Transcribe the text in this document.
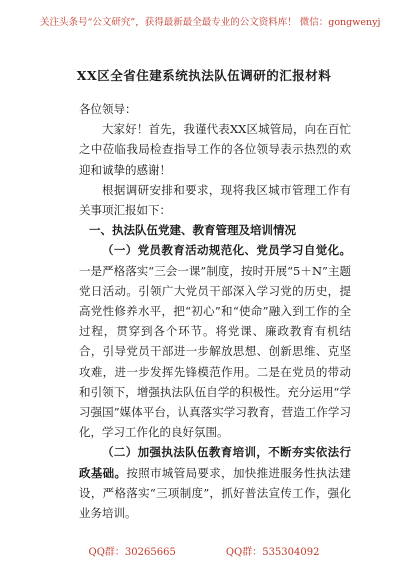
关注头条号“公文研究”，获得最新最全最专业的公文资料库！ 微信：gongwenyj
XX区全省住建系统执法队伍调研的汇报材料

各位领导：

大家好！首先，我谨代表XX区城管局，向在百忙之中莅临我局检查指导工作的各位领导表示热烈的欢迎和诚挚的感谢！

根据调研安排和要求，现将我区城市管理工作有关事项汇报如下：

一、执法队伍党建、教育管理及培训情况

（一）党员教育活动规范化、党员学习自觉化。一是严格落实“三会一课”制度，按时开展“5＋N”主题党日活动。引领广大党员干部深入学习党的历史，提高党性修养水平，把“初心”和“使命”融入到工作的全过程，贯穿到各个环节。将党课、廉政教育有机结合，引导党员干部进一步解放思想、创新思维、克坚攻难，进一步发挥先锋模范作用。二是在党员的带动和引领下，增强执法队伍自学的积极性。充分运用“学习强国”媒体平台，认真落实学习教育，营造工作学习化，学习工作化的良好氛围。

（二）加强执法队伍教育培训，不断夯实依法行政基础。按照市城管局要求，加快推进服务性执法建设，严格落实“三项制度”，抓好普法宣传工作，强化业务培训。

QQ群：30265665	QQ群：535304092
